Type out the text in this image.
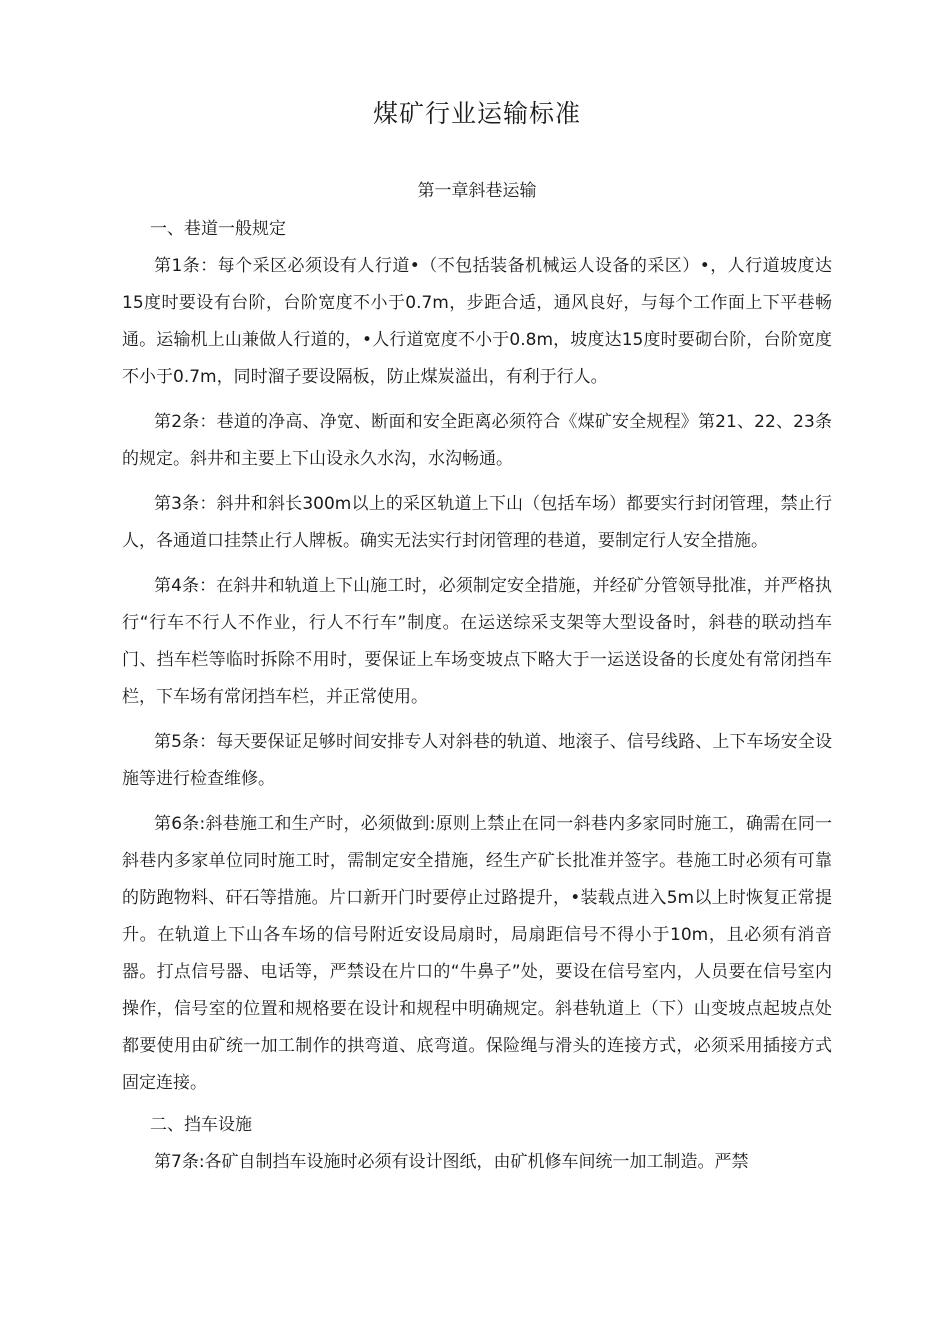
煤矿行业运输标准
第一章斜巷运输
一、巷道一般规定

第1条：每个采区必须设有人行道•（不包括装备机械运人设备的采区）•，人行道坡度达15度时要设有台阶，台阶宽度不小于0.7m，步距合适，通风良好，与每个工作面上下平巷畅通。运输机上山兼做人行道的，•人行道宽度不小于0.8m，坡度达15度时要砌台阶，台阶宽度不小于0.7m，同时溜子要设隔板，防止煤炭溢出，有利于行人。

第2条：巷道的净高、净宽、断面和安全距离必须符合《煤矿安全规程》第21、22、23条的规定。斜井和主要上下山设永久水沟，水沟畅通。

第3条：斜井和斜长300m以上的采区轨道上下山（包括车场）都要实行封闭管理，禁止行人，各通道口挂禁止行人牌板。确实无法实行封闭管理的巷道，要制定行人安全措施。

第4条：在斜井和轨道上下山施工时，必须制定安全措施，并经矿分管领导批准，并严格执行“行车不行人不作业，行人不行车”制度。在运送综采支架等大型设备时，斜巷的联动挡车门、挡车栏等临时拆除不用时，要保证上车场变坡点下略大于一运送设备的长度处有常闭挡车栏，下车场有常闭挡车栏，并正常使用。

第5条：每天要保证足够时间安排专人对斜巷的轨道、地滚子、信号线路、上下车场安全设施等进行检查维修。

第6条:斜巷施工和生产时，必须做到:原则上禁止在同一斜巷内多家同时施工，确需在同一斜巷内多家单位同时施工时，需制定安全措施，经生产矿长批准并签字。巷施工时必须有可靠的防跑物料、矸石等措施。片口新开门时要停止过路提升，•装载点进入5m以上时恢复正常提升。在轨道上下山各车场的信号附近安设局扇时，局扇距信号不得小于10m，且必须有消音器。打点信号器、电话等，严禁设在片口的“牛鼻子”处，要设在信号室内，人员要在信号室内操作，信号室的位置和规格要在设计和规程中明确规定。斜巷轨道上（下）山变坡点起坡点处都要使用由矿统一加工制作的拱弯道、底弯道。保险绳与滑头的连接方式，必须采用插接方式固定连接。

二、挡车设施

第7条:各矿自制挡车设施时必须有设计图纸，由矿机修车间统一加工制造。严禁
